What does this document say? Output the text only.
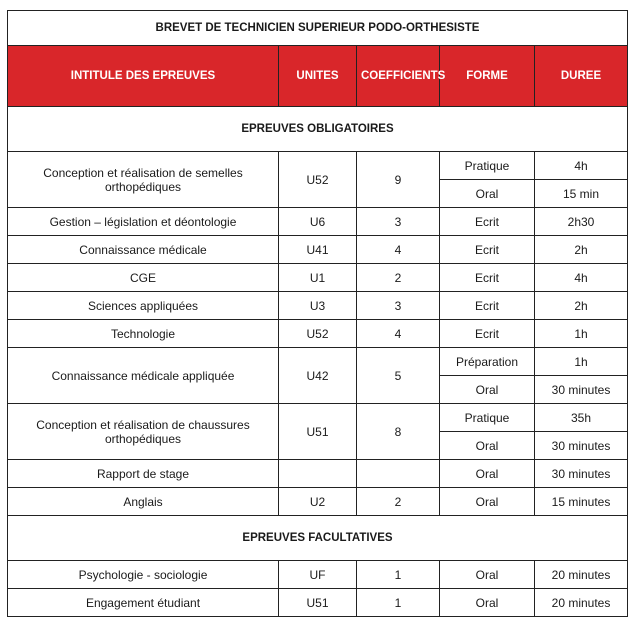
BREVET DE TECHNICIEN SUPERIEUR PODO-ORTHESISTE				
INTITULE DES EPREUVES	UNITES	COEFFICIENTS	FORME	DUREE
EPREUVES OBLIGATOIRES				
Conception et réalisation de semelles orthopédiques	U52	9	Pratique	4h
			Oral	15 min
Gestion – législation et déontologie	U6	3	Ecrit	2h30
Connaissance médicale	U41	4	Ecrit	2h
CGE	U1	2	Ecrit	4h
Sciences appliquées	U3	3	Ecrit	2h
Technologie	U52	4	Ecrit	1h
Connaissance médicale appliquée	U42	5	Préparation	1h
			Oral	30 minutes
Conception et réalisation de chaussures orthopédiques	U51	8	Pratique	35h
			Oral	30 minutes
Rapport de stage			Oral	30 minutes
Anglais	U2	2	Oral	15 minutes
EPREUVES FACULTATIVES				
Psychologie - sociologie	UF	1	Oral	20 minutes
Engagement étudiant	U51	1	Oral	20 minutes
